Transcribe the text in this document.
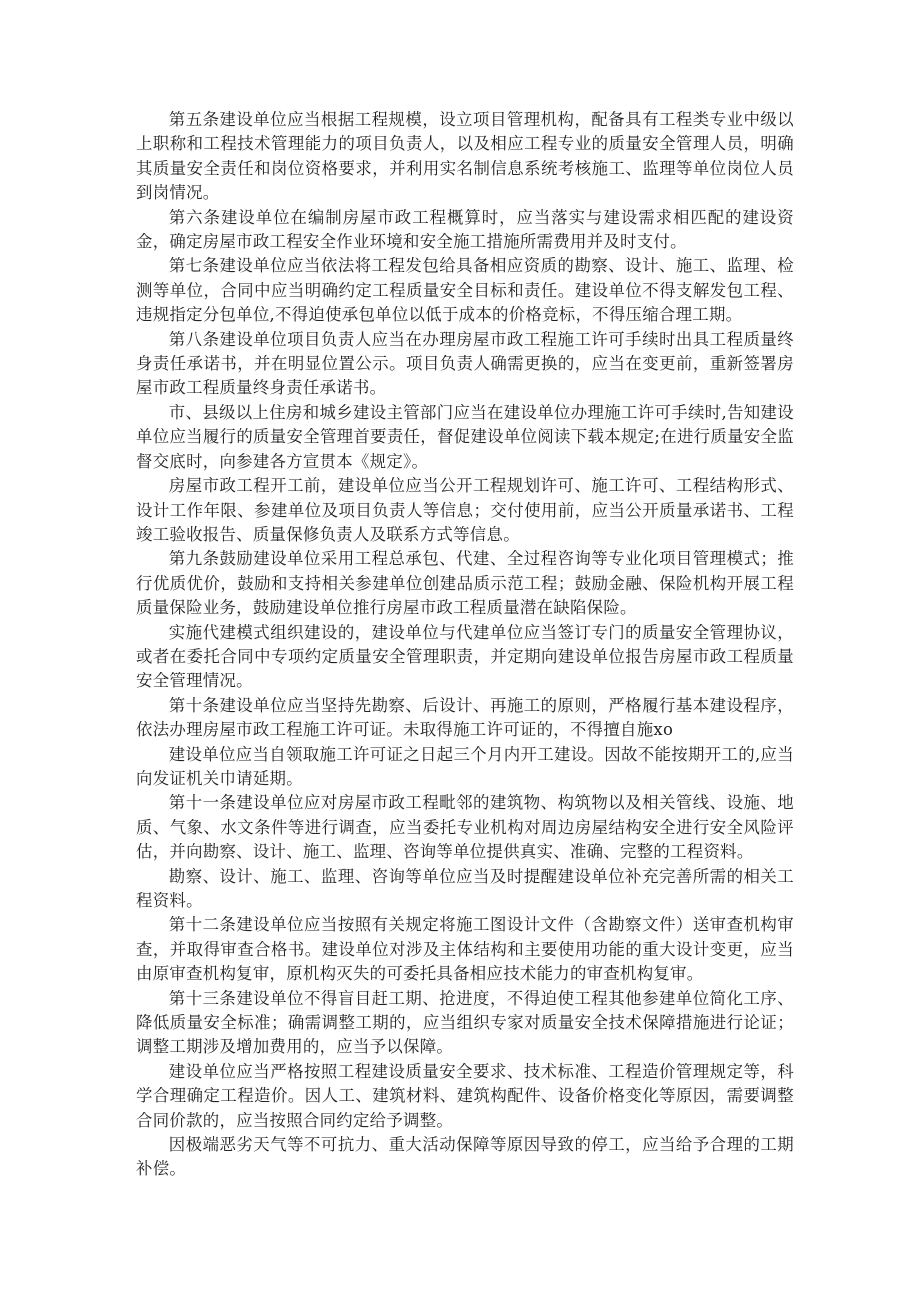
第五条建设单位应当根据工程规模，设立项目管理机构，配备具有工程类专业中级以上职称和工程技术管理能力的项目负责人，以及相应工程专业的质量安全管理人员，明确其质量安全责任和岗位资格要求，并利用实名制信息系统考核施工、监理等单位岗位人员到岗情况。

第六条建设单位在编制房屋市政工程概算时，应当落实与建设需求相匹配的建设资金，确定房屋市政工程安全作业环境和安全施工措施所需费用并及时支付。

第七条建设单位应当依法将工程发包给具备相应资质的勘察、设计、施工、监理、检测等单位，合同中应当明确约定工程质量安全目标和责任。建设单位不得支解发包工程、违规指定分包单位,不得迫使承包单位以低于成本的价格竞标，不得压缩合理工期。

第八条建设单位项目负责人应当在办理房屋市政工程施工许可手续时出具工程质量终身责任承诺书，并在明显位置公示。项目负责人确需更换的，应当在变更前，重新签署房屋市政工程质量终身责任承诺书。

市、县级以上住房和城乡建设主管部门应当在建设单位办理施工许可手续时,告知建设单位应当履行的质量安全管理首要责任，督促建设单位阅读下载本规定;在进行质量安全监督交底时，向参建各方宣贯本《规定》。

房屋市政工程开工前，建设单位应当公开工程规划许可、施工许可、工程结构形式、设计工作年限、参建单位及项目负责人等信息；交付使用前，应当公开质量承诺书、工程竣工验收报告、质量保修负责人及联系方式等信息。

第九条鼓励建设单位采用工程总承包、代建、全过程咨询等专业化项目管理模式；推行优质优价，鼓励和支持相关参建单位创建品质示范工程；鼓励金融、保险机构开展工程质量保险业务，鼓励建设单位推行房屋市政工程质量潜在缺陷保险。

实施代建模式组织建设的，建设单位与代建单位应当签订专门的质量安全管理协议，或者在委托合同中专项约定质量安全管理职责，并定期向建设单位报告房屋市政工程质量安全管理情况。

第十条建设单位应当坚持先勘察、后设计、再施工的原则，严格履行基本建设程序，依法办理房屋市政工程施工许可证。未取得施工许可证的，不得擅自施xo

建设单位应当自领取施工许可证之日起三个月内开工建设。因故不能按期开工的,应当向发证机关巾请延期。

第十一条建设单位应对房屋市政工程毗邻的建筑物、构筑物以及相关管线、设施、地质、气象、水文条件等进行调查，应当委托专业机构对周边房屋结构安全进行安全风险评估，并向勘察、设计、施工、监理、咨询等单位提供真实、准确、完整的工程资料。

勘察、设计、施工、监理、咨询等单位应当及时提醒建设单位补充完善所需的相关工程资料。

第十二条建设单位应当按照有关规定将施工图设计文件（含勘察文件）送审查机构审查，并取得审查合格书。建设单位对涉及主体结构和主要使用功能的重大设计变更，应当由原审查机构复审，原机构灭失的可委托具备相应技术能力的审查机构复审。

第十三条建设单位不得盲目赶工期、抢进度，不得迫使工程其他参建单位简化工序、降低质量安全标准；确需调整工期的，应当组织专家对质量安全技术保障措施进行论证；调整工期涉及增加费用的，应当予以保障。

建设单位应当严格按照工程建设质量安全要求、技术标准、工程造价管理规定等，科学合理确定工程造价。因人工、建筑材料、建筑构配件、设备价格变化等原因，需要调整合同价款的，应当按照合同约定给予调整。

因极端恶劣天气等不可抗力、重大活动保障等原因导致的停工，应当给予合理的工期补偿。
